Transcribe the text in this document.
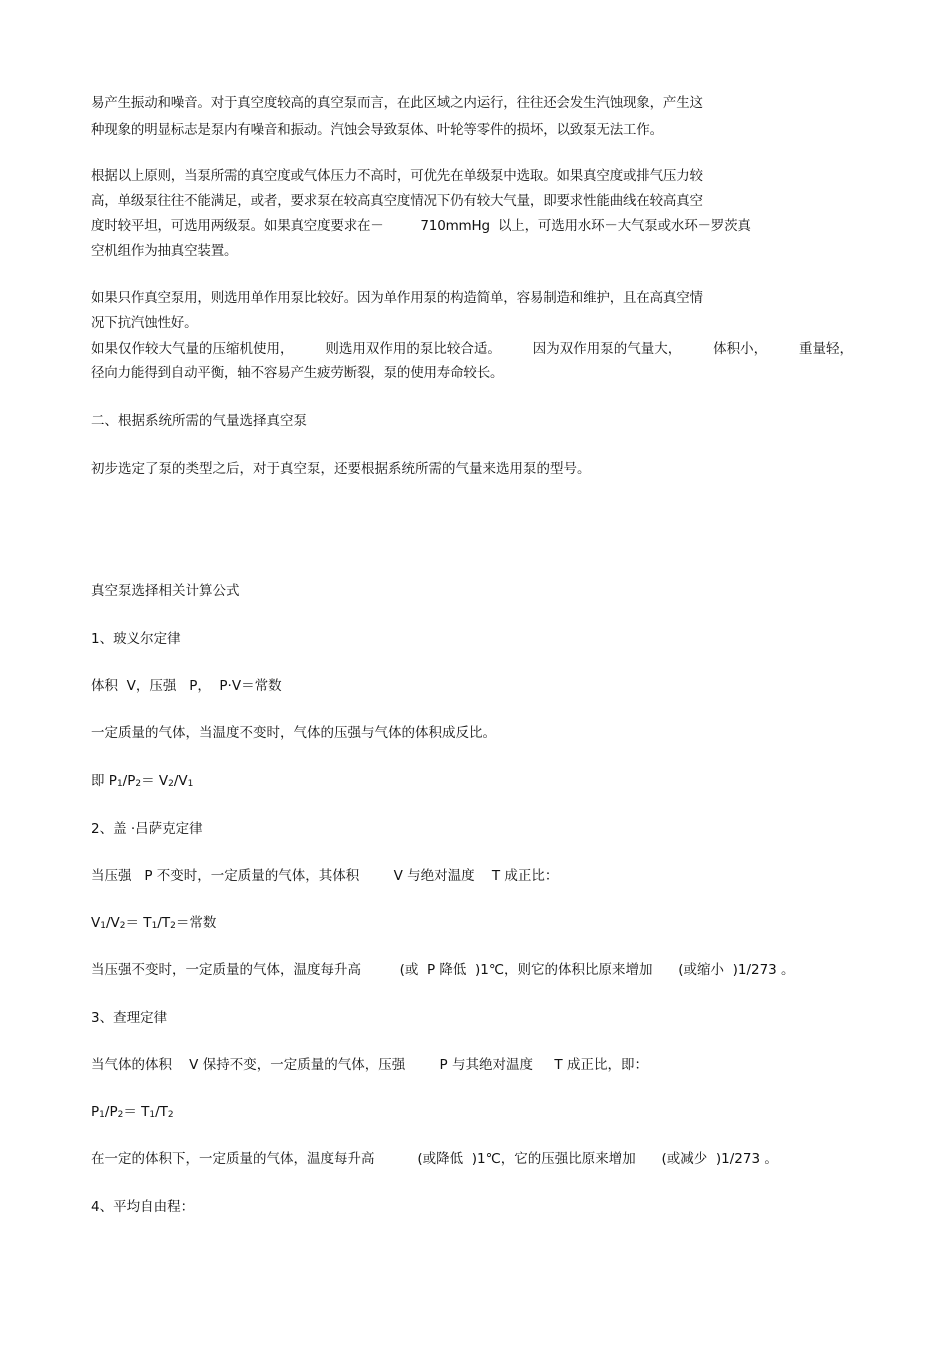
易产生振动和噪音。对于真空度较高的真空泵而言，在此区域之内运行，往往还会发生汽蚀现象，产生这

种现象的明显标志是泵内有噪音和振动。汽蚀会导致泵体、叶轮等零件的损坏，以致泵无法工作。

根据以上原则，当泵所需的真空度或气体压力不高时，可优先在单级泵中选取。如果真空度或排气压力较

高，单级泵往往不能满足，或者，要求泵在较高真空度情况下仍有较大气量，即要求性能曲线在较高真空

度时较平坦，可选用两级泵。如果真空度要求在－         710mmHg  以上，可选用水环－大气泵或水环－罗茨真

空机组作为抽真空装置。

如果只作真空泵用，则选用单作用泵比较好。因为单作用泵的构造简单，容易制造和维护，且在高真空情

况下抗汽蚀性好。

如果仅作较大气量的压缩机使用， 则选用双作用的泵比较合适。 因为双作用泵的气量大， 体积小， 重量轻，

径向力能得到自动平衡，轴不容易产生疲劳断裂，泵的使用寿命较长。

二、根据系统所需的气量选择真空泵

初步选定了泵的类型之后，对于真空泵，还要根据系统所需的气量来选用泵的型号。

真空泵选择相关计算公式

1、玻义尔定律

体积  V，压强   P，  P·V＝常数

一定质量的气体，当温度不变时，气体的压强与气体的体积成反比。

即 $P_1/P_2= V_2/V_1$

2、盖 ·吕萨克定律

当压强   P 不变时，一定质量的气体，其体积        V 与绝对温度    T 成正比：

$V_1/V_2= T_1/T_2=$常数

当压强不变时，一定质量的气体，温度每升高         (或  P 降低  )1℃，则它的体积比原来增加      (或缩小  )1/273 。

3、查理定律

当气体的体积    V 保持不变，一定质量的气体，压强        P 与其绝对温度     T 成正比，即：

$P_1/P_2= T_1/T_2$

在一定的体积下，一定质量的气体，温度每升高          (或降低  )1℃，它的压强比原来增加      (或减少  )1/273 。

4、平均自由程：
